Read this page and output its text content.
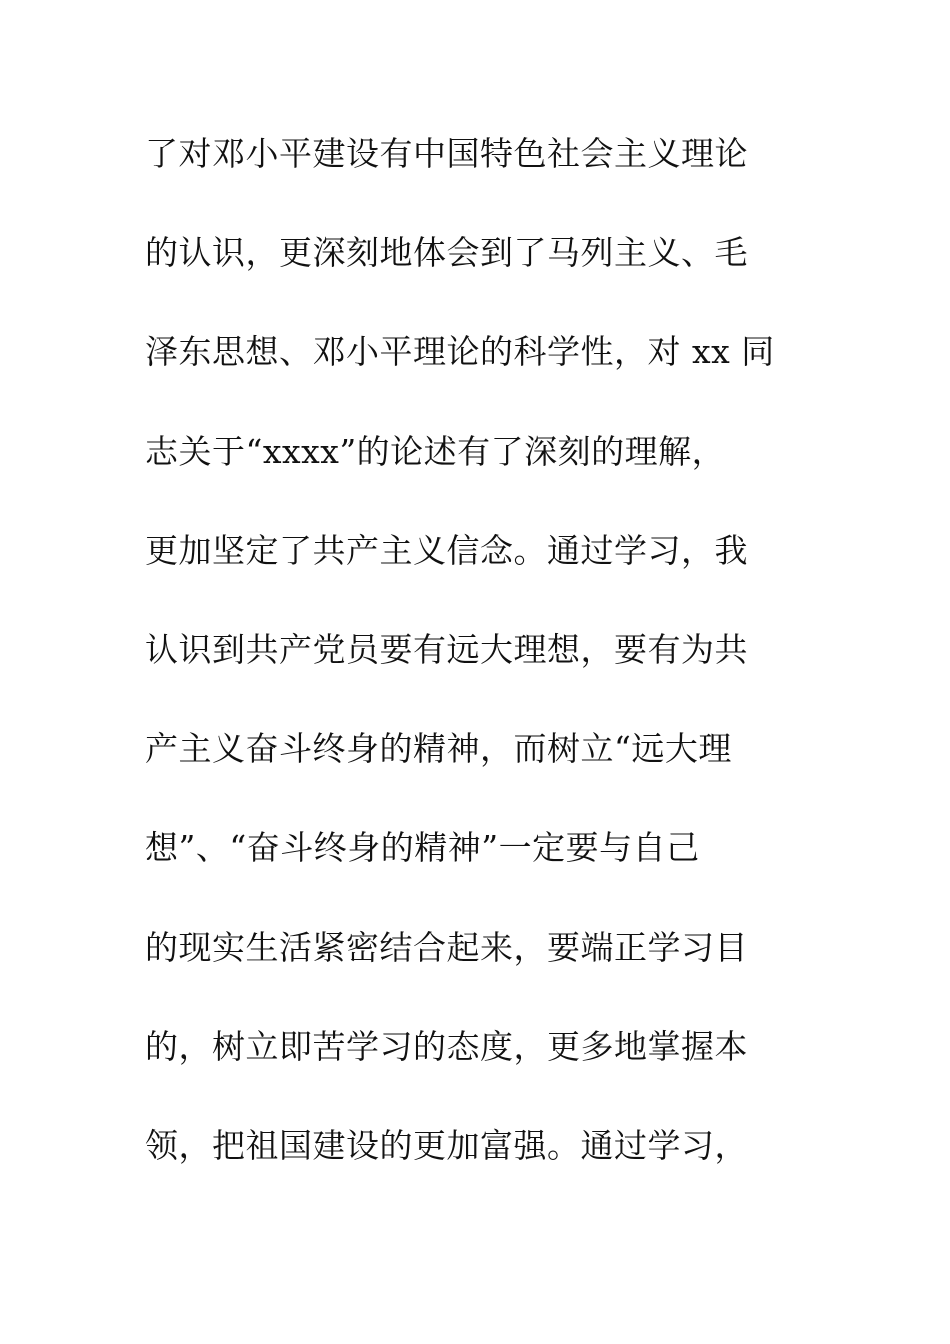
了对邓小平建设有中国特色社会主义理论
的认识，更深刻地体会到了马列主义、毛
泽东思想、邓小平理论的科学性，对 xx 同
志关于“xxxx”的论述有了深刻的理解，
更加坚定了共产主义信念。通过学习，我
认识到共产党员要有远大理想，要有为共
产主义奋斗终身的精神，而树立“远大理
想”、“奋斗终身的精神”一定要与自己
的现实生活紧密结合起来，要端正学习目
的，树立即苦学习的态度，更多地掌握本
领，把祖国建设的更加富强。通过学习，
